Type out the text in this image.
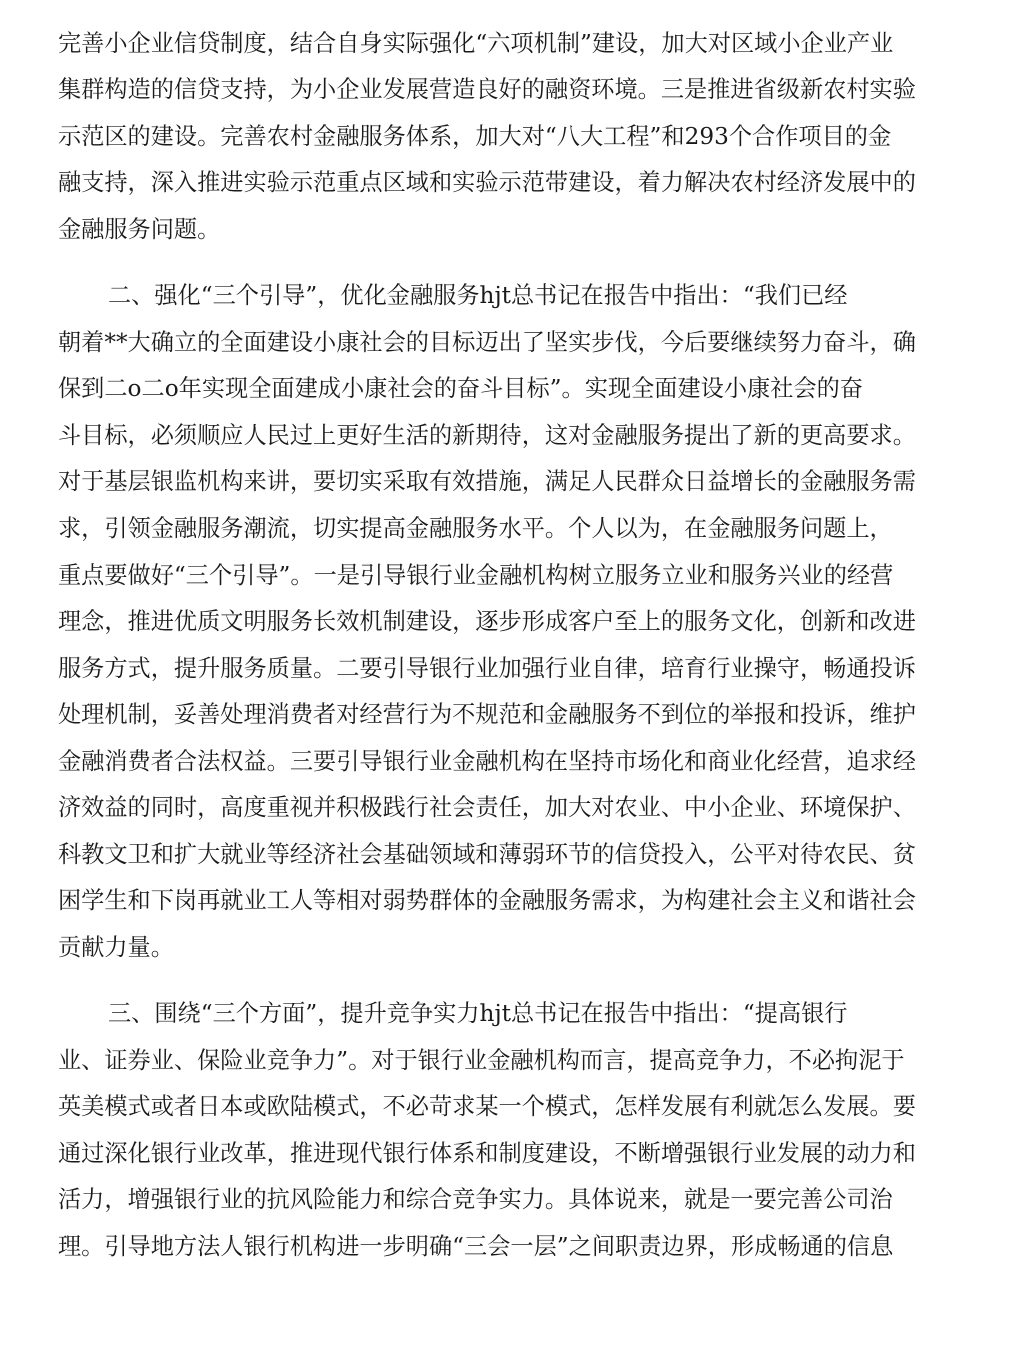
完善小企业信贷制度，结合自身实际强化“六项机制”建设，加大对区域小企业产业

集群构造的信贷支持，为小企业发展营造良好的融资环境。三是推进省级新农村实验

示范区的建设。完善农村金融服务体系，加大对“八大工程”和293个合作项目的金

融支持，深入推进实验示范重点区域和实验示范带建设，着力解决农村经济发展中的

金融服务问题。

二、强化“三个引导”，优化金融服务hjt总书记在报告中指出：“我们已经

朝着**大确立的全面建设小康社会的目标迈出了坚实步伐，今后要继续努力奋斗，确

保到二o二o年实现全面建成小康社会的奋斗目标”。实现全面建设小康社会的奋

斗目标，必须顺应人民过上更好生活的新期待，这对金融服务提出了新的更高要求。

对于基层银监机构来讲，要切实采取有效措施，满足人民群众日益增长的金融服务需

求，引领金融服务潮流，切实提高金融服务水平。个人以为，在金融服务问题上，

重点要做好“三个引导”。一是引导银行业金融机构树立服务立业和服务兴业的经营

理念，推进优质文明服务长效机制建设，逐步形成客户至上的服务文化，创新和改进

服务方式，提升服务质量。二要引导银行业加强行业自律，培育行业操守，畅通投诉

处理机制，妥善处理消费者对经营行为不规范和金融服务不到位的举报和投诉，维护

金融消费者合法权益。三要引导银行业金融机构在坚持市场化和商业化经营，追求经

济效益的同时，高度重视并积极践行社会责任，加大对农业、中小企业、环境保护、

科教文卫和扩大就业等经济社会基础领域和薄弱环节的信贷投入，公平对待农民、贫

困学生和下岗再就业工人等相对弱势群体的金融服务需求，为构建社会主义和谐社会

贡献力量。

三、围绕“三个方面”，提升竞争实力hjt总书记在报告中指出：“提高银行

业、证券业、保险业竞争力”。对于银行业金融机构而言，提高竞争力，不必拘泥于

英美模式或者日本或欧陆模式，不必苛求某一个模式，怎样发展有利就怎么发展。要

通过深化银行业改革，推进现代银行体系和制度建设，不断增强银行业发展的动力和

活力，增强银行业的抗风险能力和综合竞争实力。具体说来，就是一要完善公司治

理。引导地方法人银行机构进一步明确“三会一层”之间职责边界，形成畅通的信息
